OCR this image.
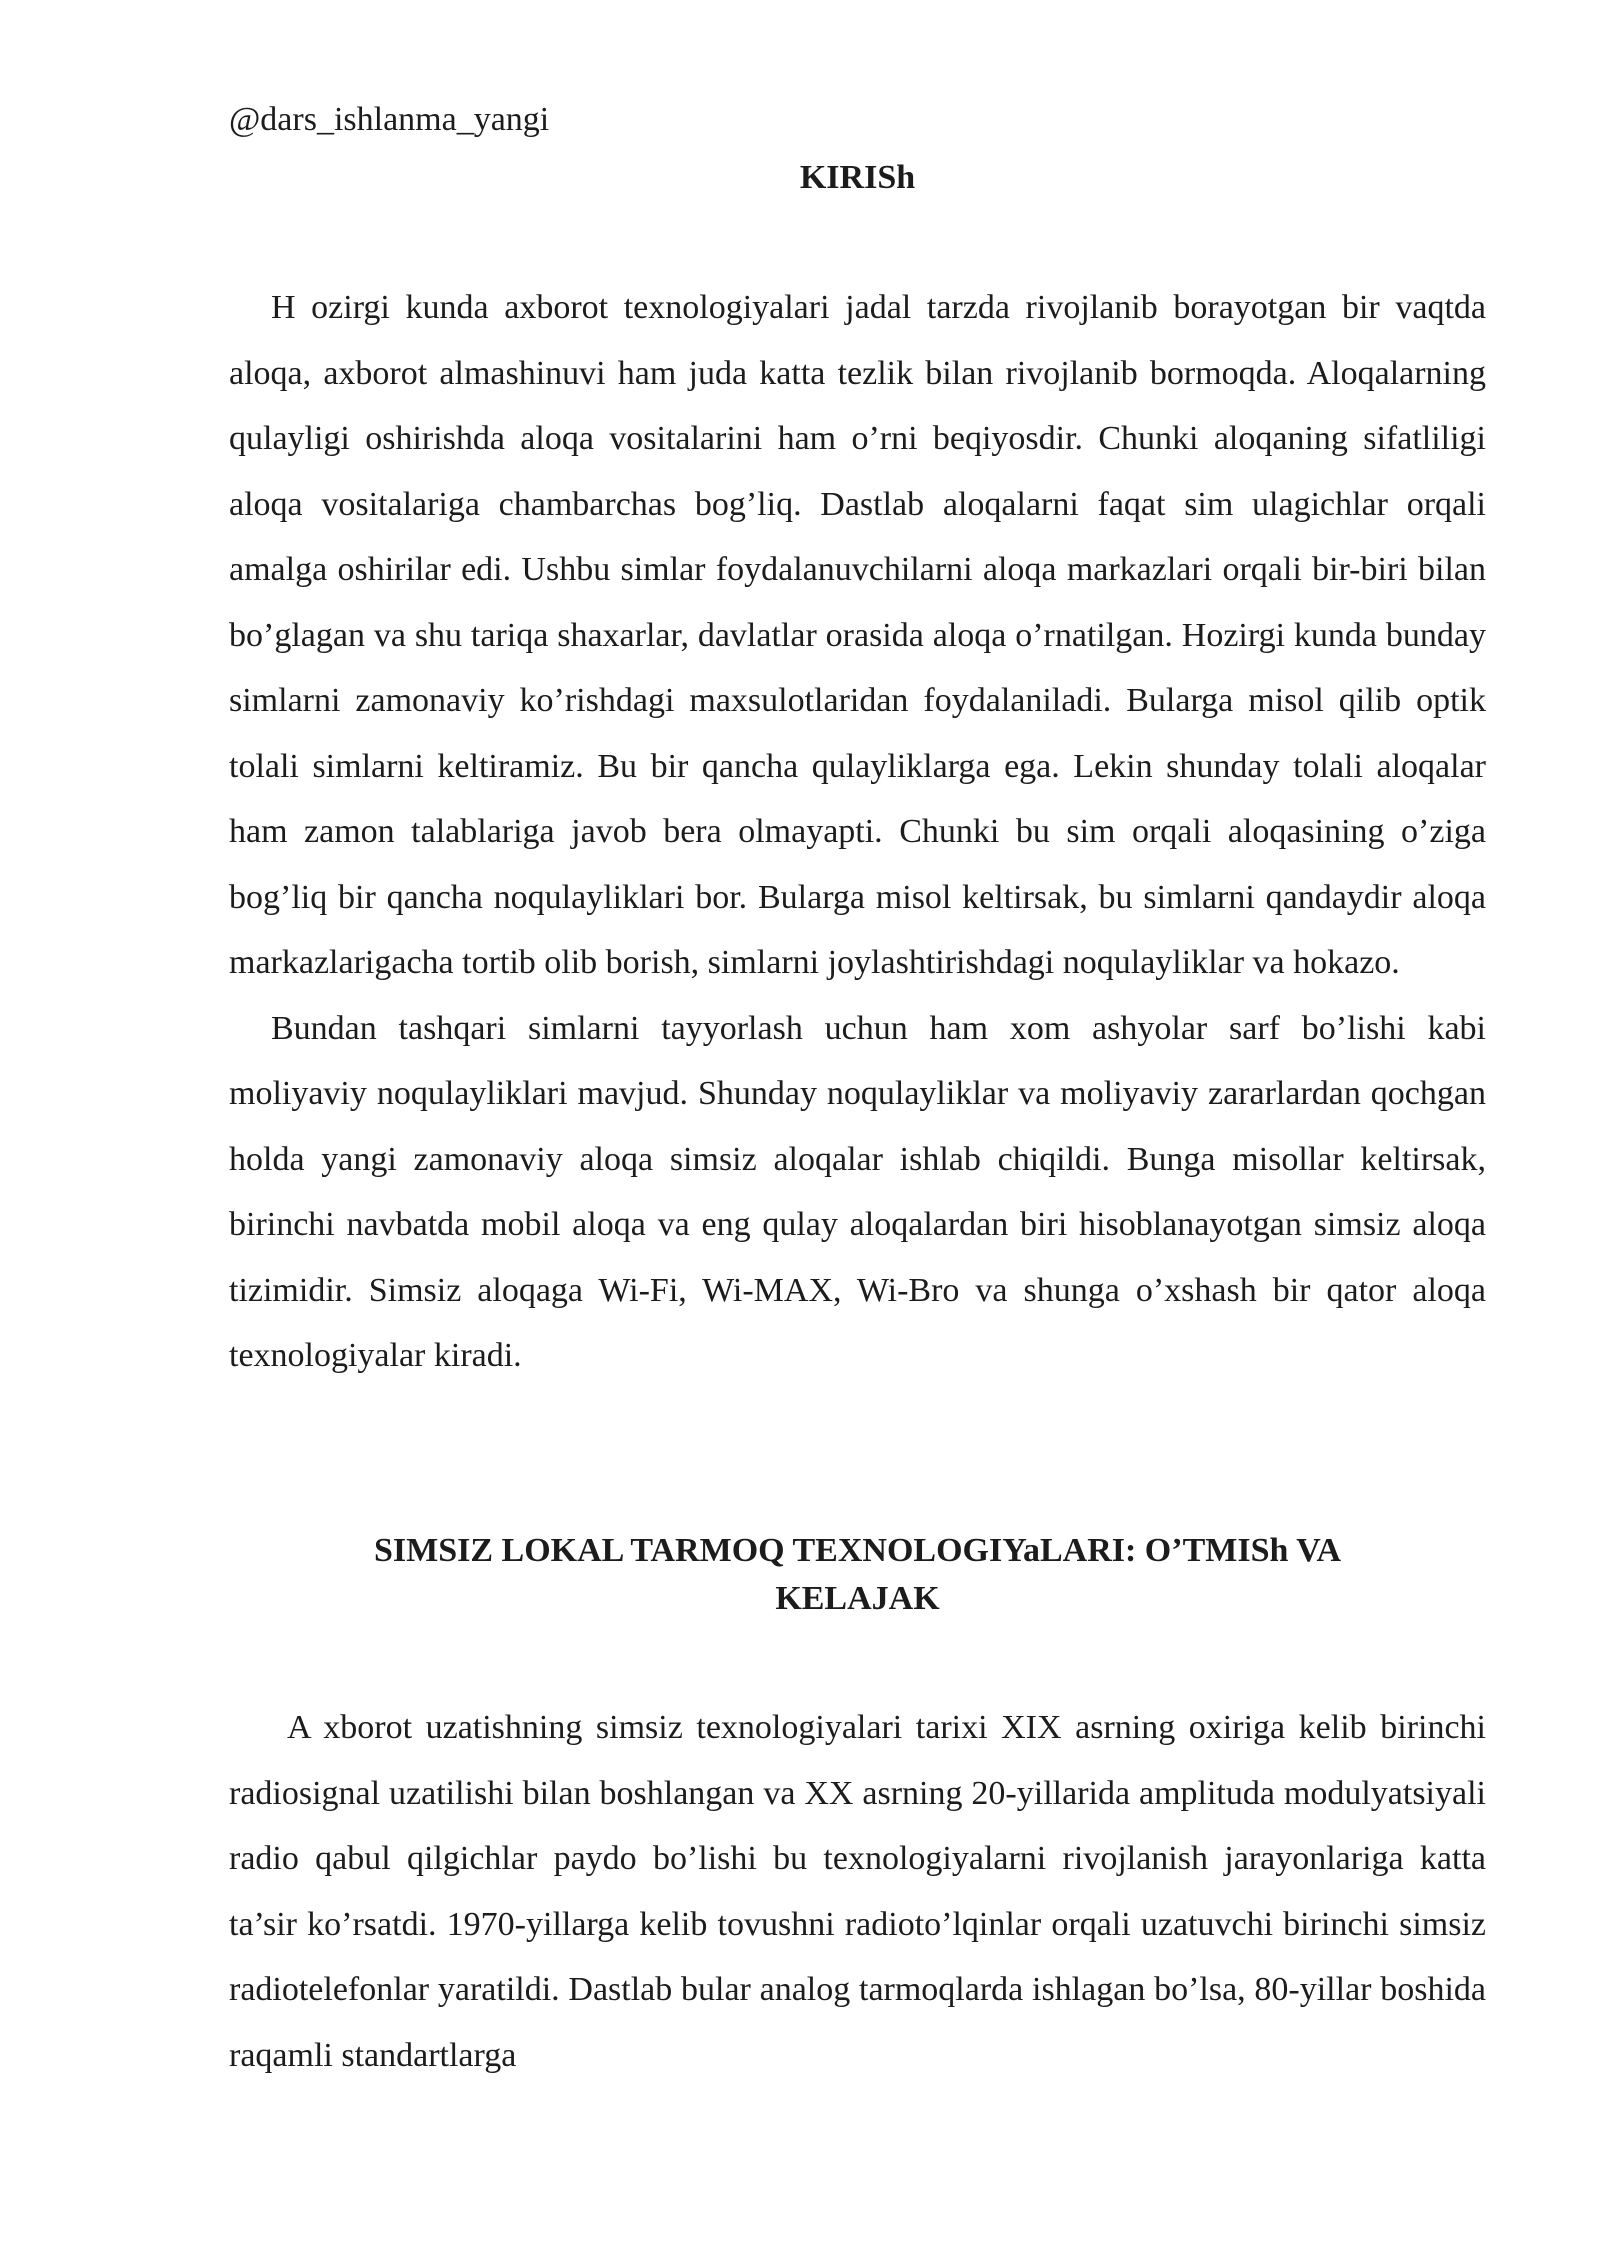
@dars_ishlanma_yangi
KIRISh

H ozirgi kunda axborot texnologiyalari jadal tarzda rivojlanib borayotgan bir vaqtda aloqa, axborot almashinuvi ham juda katta tezlik bilan rivojlanib bormoqda. Aloqalarning qulayligi oshirishda aloqa vositalarini ham o’rni beqiyosdir. Chunki aloqaning sifatliligi aloqa vositalariga chambarchas bog’liq. Dastlab aloqalarni faqat sim ulagichlar orqali amalga oshirilar edi. Ushbu simlar foydalanuvchilarni aloqa markazlari orqali bir-biri bilan bo’glagan va shu tariqa shaxarlar, davlatlar orasida aloqa o’rnatilgan. Hozirgi kunda bunday simlarni zamonaviy ko’rishdagi maxsulotlaridan foydalaniladi. Bularga misol qilib optik tolali simlarni keltiramiz. Bu bir qancha qulayliklarga ega. Lekin shunday tolali aloqalar ham zamon talablariga javob bera olmayapti. Chunki bu sim orqali aloqasining o’ziga bog’liq bir qancha noqulayliklari bor. Bularga misol keltirsak, bu simlarni qandaydir aloqa markazlarigacha tortib olib borish, simlarni joylashtirishdagi noqulayliklar va hokazo.

Bundan tashqari simlarni tayyorlash uchun ham xom ashyolar sarf bo’lishi kabi moliyaviy noqulayliklari mavjud. Shunday noqulayliklar va moliyaviy zararlardan qochgan holda yangi zamonaviy aloqa simsiz aloqalar ishlab chiqildi. Bunga misollar keltirsak, birinchi navbatda mobil aloqa va eng qulay aloqalardan biri hisoblanayotgan simsiz aloqa tizimidir. Simsiz aloqaga Wi-Fi, Wi-MAX, Wi-Bro va shunga o’xshash bir qator aloqa texnologiyalar kiradi.

SIMSIZ LOKAL TARMOQ TEXNOLOGIYaLARI: O’TMISh VA
KELAJAK

A xborot uzatishning simsiz texnologiyalari tarixi XIX asrning oxiriga kelib birinchi radiosignal uzatilishi bilan boshlangan va XX asrning 20-yillarida amplituda modulyatsiyali radio qabul qilgichlar paydo bo’lishi bu texnologiyalarni rivojlanish jarayonlariga katta ta’sir ko’rsatdi. 1970-yillarga kelib tovushni radioto’lqinlar orqali uzatuvchi birinchi simsiz radiotelefonlar yaratildi. Dastlab bular analog tarmoqlarda ishlagan bo’lsa, 80-yillar boshida raqamli standartlarga
